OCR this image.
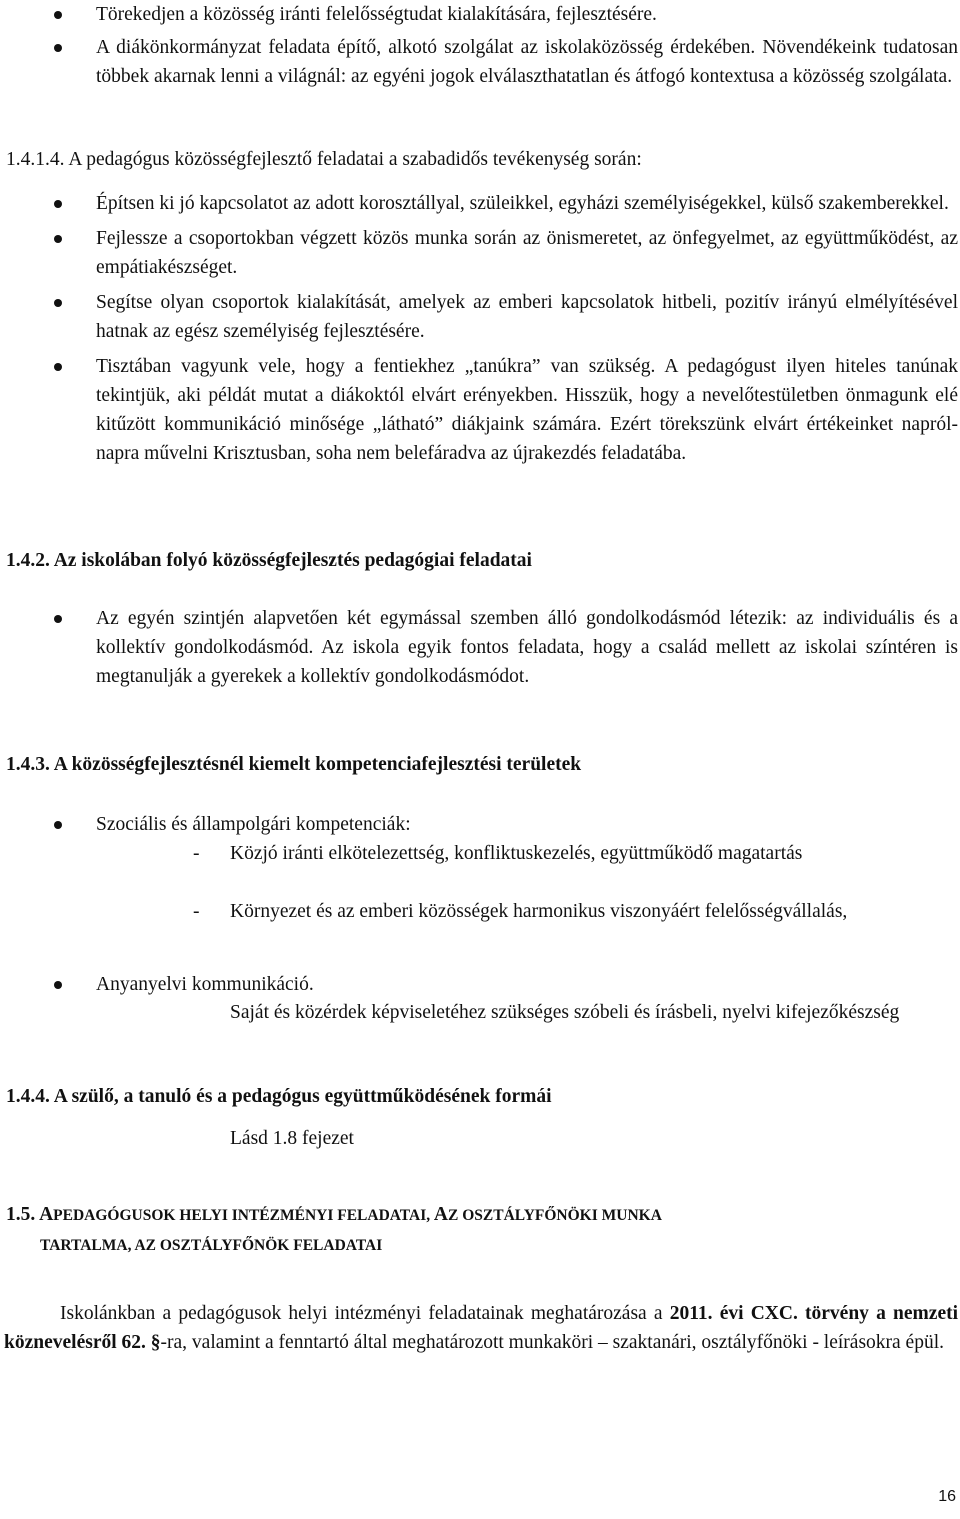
Törekedjen a közösség iránti felelősségtudat kialakítására, fejlesztésére.
A diákönkormányzat feladata építő, alkotó szolgálat az iskolaközösség érdekében. Növendékeink tudatosan többek akarnak lenni a világnál: az egyéni jogok elválaszthatatlan és átfogó kontextusa a közösség szolgálata.
1.4.1.4. A pedagógus közösségfejlesztő feladatai a szabadidős tevékenység során:
Építsen ki jó kapcsolatot az adott korosztállyal, szüleikkel, egyházi személyiségekkel, külső szakemberekkel.
Fejlessze a csoportokban végzett közös munka során az önismeretet, az önfegyelmet, az együttműködést, az empátiakészséget.
Segítse olyan csoportok kialakítását, amelyek az emberi kapcsolatok hitbeli, pozitív irányú elmélyítésével hatnak az egész személyiség fejlesztésére.
Tisztában vagyunk vele, hogy a fentiekhez „tanúkra” van szükség. A pedagógust ilyen hiteles tanúnak tekintjük, aki példát mutat a diákoktól elvárt erényekben. Hisszük, hogy a nevelőtestületben önmagunk elé kitűzött kommunikáció minősége „látható” diákjaink számára. Ezért törekszünk elvárt értékeinket napról-napra művelni Krisztusban, soha nem belefáradva az újrakezdés feladatába.
1.4.2. Az iskolában folyó közösségfejlesztés pedagógiai feladatai
Az egyén szintjén alapvetően két egymással szemben álló gondolkodásmód létezik: az individuális és a kollektív gondolkodásmód. Az iskola egyik fontos feladata, hogy a család mellett az iskolai színtéren is megtanulják a gyerekek a kollektív gondolkodásmódot.
1.4.3. A közösségfejlesztésnél kiemelt kompetenciafejlesztési területek
Szociális és állampolgári kompetenciák:
- Közjó iránti elkötelezettség, konfliktuskezelés, együttműködő magatartás
- Környezet és az emberi közösségek harmonikus viszonyáért felelősségvállalás,
Anyanyelvi kommunikáció.
Saját és közérdek képviseletéhez szükséges szóbeli és írásbeli, nyelvi kifejezőkészség
1.4.4. A szülő, a tanuló és a pedagógus együttműködésének formái
Lásd 1.8 fejezet
1.5. APEDAGÓGUSOK HELYI INTÉZMÉNYI FELADATAI, AZ OSZTÁLYFŐNÖKI MUNKA
TARTALMA, AZ OSZTÁLYFŐNÖK FELADATAI
Iskolánkban a pedagógusok helyi intézményi feladatainak meghatározása a 2011. évi CXC. törvény a nemzeti köznevelésről 62. §-ra, valamint a fenntartó által meghatározott munkaköri – szaktanári, osztályfőnöki - leírásokra épül.
16
